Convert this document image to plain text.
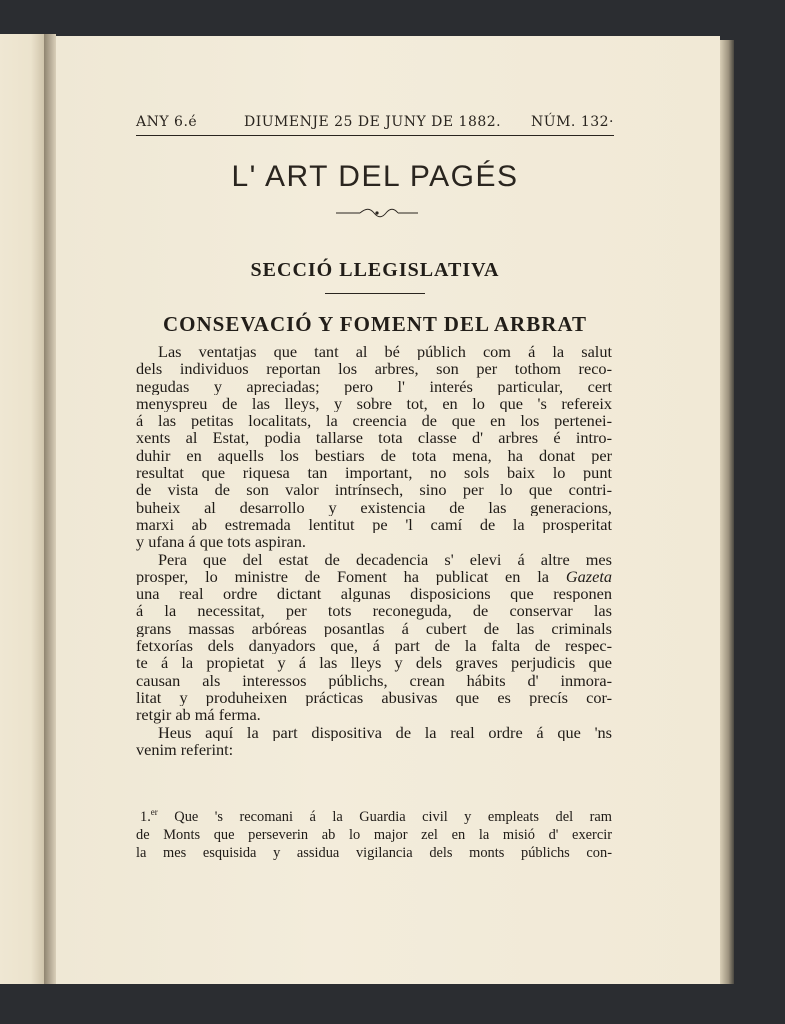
ANY 6.é	DIUMENJE 25 DE JUNY DE 1882. NÚM. 132·
L' ART DEL PAGÉS
SECCIÓ LLEGISLATIVA
CONSEVACIÓ Y FOMENT DEL ARBRAT
Las ventatjas que tant al bé públich com á la salut
dels individuos reportan los arbres, son per tothom reco-
negudas y apreciadas; pero l' interés particular, cert
menyspreu de las lleys, y sobre tot, en lo que 's refereix
á las petitas localitats, la creencia de que en los pertenei-
xents al Estat, podia tallarse tota classe d' arbres é intro-
duhir en aquells los bestiars de tota mena, ha donat per
resultat que riquesa tan important, no sols baix lo punt
de vista de son valor intrínsech, sino per lo que contri-
buheix al desarrollo y existencia de las generacions,
marxi ab estremada lentitut pe 'l camí de la prosperitat
y ufana á que tots aspiran.
Pera que del estat de decadencia s' elevi á altre mes
prosper, lo ministre de Foment ha publicat en la Gazeta
una real ordre dictant algunas disposicions que responen
á la necessitat, per tots reconeguda, de conservar las
grans massas arbóreas posantlas á cubert de las criminals
fetxorías dels danyadors que, á part de la falta de respec-
te á la propietat y á las lleys y dels graves perjudicis que
causan als interessos públichs, crean hábits d' inmora-
litat y produheixen prácticas abusivas que es precís cor-
retgir ab má ferma.
Heus aquí la part dispositiva de la real ordre á que 'ns
venim referint:
1.$^{er}$ Que 's recomani á la Guardia civil y empleats del ram
de Monts que perseverin ab lo major zel en la misió d' exercir
la mes esquisida y assidua vigilancia dels monts públichs con-
